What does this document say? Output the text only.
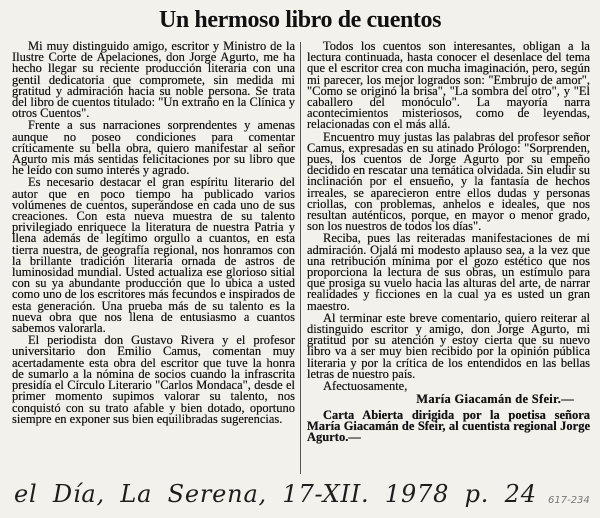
Un hermoso libro de cuentos

Mi muy distinguido amigo, escritor y Ministro de la Ilustre Corte de Apelaciones, don Jorge Agurto, me ha hecho llegar su reciente producción literaria con una gentil dedicatoria que compromete, sin medida mi gratitud y admiración hacia su noble persona. Se trata del libro de cuentos titulado: "Un extraño en la Clínica y otros Cuentos".

Frente a sus narraciones sorprendentes y amenas aunque no poseo condiciones para comentar críticamente su bella obra, quiero manifestar al señor Agurto mis más sentidas felicitaciones por su libro que he leído con sumo interés y agrado.

Es necesario destacar el gran espíritu literario del autor que en poco tiempo ha publicado varios volúmenes de cuentos, superándose en cada uno de sus creaciones. Con esta nueva muestra de su talento privilegiado enriquece la literatura de nuestra Patria y llena además de legítimo orgullo a cuantos, en esta tierra nuestra, de geografía regional, nos honramos con la brillante tradición literaria ornada de astros de luminosidad mundial. Usted actualiza ese glorioso sitial con su ya abundante producción que lo ubica a usted como uno de los escritores más fecundos e inspirados de esta generación. Una prueba más de su talento es la nueva obra que nos llena de entusiasmo a cuantos sabemos valorarla.

El periodista don Gustavo Rivera y el profesor universitario don Emilio Camus, comentan muy acertadamente esta obra del escritor que tuve la honra de sumarlo a la nómina de socios cuando la infrascrita presidía el Círculo Literario "Carlos Mondaca", desde el primer momento supimos valorar su talento, nos conquistó con su trato afable y bien dotado, oportuno siempre en exponer sus bien equilibradas sugerencias.

Todos los cuentos son interesantes, obligan a la lectura continuada, hasta conocer el desenlace del tema que el escritor crea con mucha imaginación, pero, según mi parecer, los mejor logrados son: "Embrujo de amor", "Como se originó la brisa", "La sombra del otro", y "El caballero del monóculo". La mayoría narra acontecimientos misteriosos, como de leyendas, relacionadas con el más allá.

Encuentro muy justas las palabras del profesor señor Camus, expresadas en su atinado Prólogo: "Sorprenden, pues, los cuentos de Jorge Agurto por su empeño decidido en rescatar una temática olvidada. Sin eludir su inclinación por el ensueño, y la fantasía de hechos irreales, se aparecieron entre ellos dudas y personas criollas, con problemas, anhelos e ideales, que nos resultan auténticos, porque, en mayor o menor grado, son los nuestros de todos los días".

Reciba, pues las reiteradas manifestaciones de mi admiración. Ojalá mi modesto aplauso sea, a la vez que una retribución mínima por el gozo estético que nos proporciona la lectura de sus obras, un estímulo para que prosiga su vuelo hacia las alturas del arte, de narrar realidades y ficciones en la cual ya es usted un gran maestro.

Al terminar este breve comentario, quiero reiterar al distinguido escritor y amigo, don Jorge Agurto, mi gratitud por su atención y estoy cierta que su nuevo libro va a ser muy bien recibido por la opinión pública literaria y por la crítica de los entendidos en las bellas letras de nuestro país.

Afectuosamente,
María Giacamán de Sfeir.—

Carta Abierta dirigida por la poetisa señora María Giacamán de Sfeir, al cuentista regional Jorge Agurto.—

el Día, La Serena, 17-XII. 1978 p. 24 617-234
